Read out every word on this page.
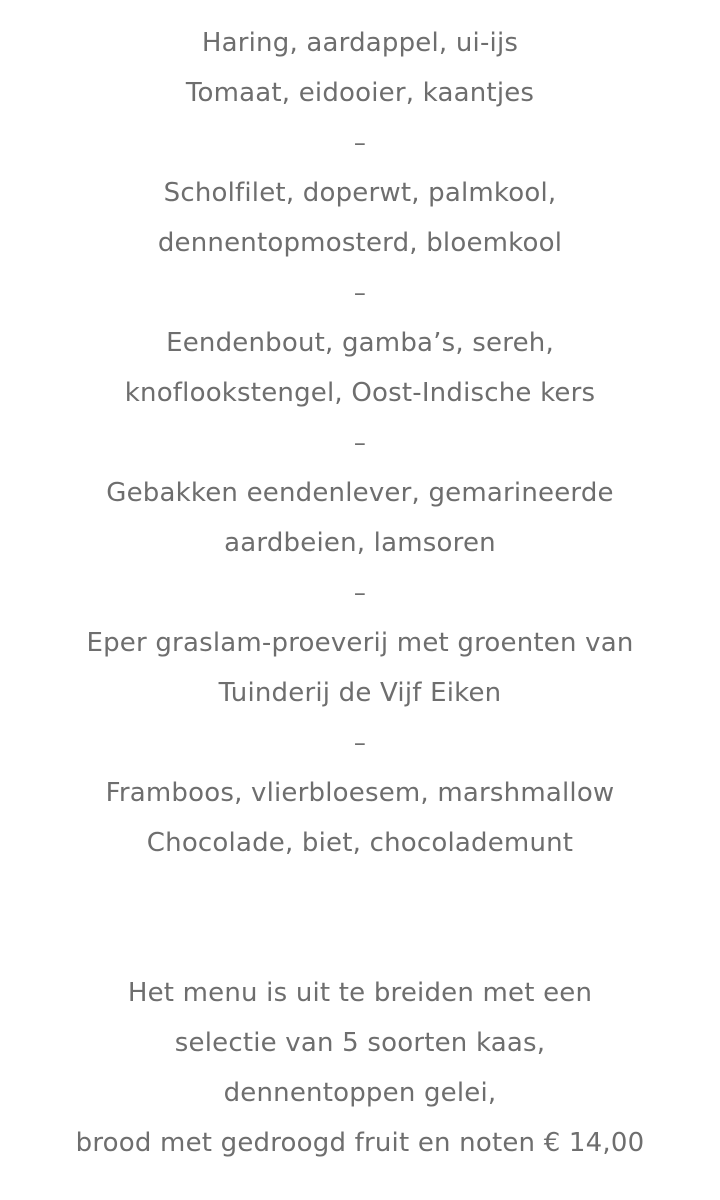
Haring, aardappel, ui-ijs
Tomaat, eidooier, kaantjes
–
Scholfilet, doperwt, palmkool,
dennentopmosterd, bloemkool
–
Eendenbout, gamba’s, sereh,
knoflookstengel, Oost-Indische kers
–
Gebakken eendenlever, gemarineerde
aardbeien, lamsoren
–
Eper graslam-proeverij met groenten van
Tuinderij de Vijf Eiken
–
Framboos, vlierbloesem, marshmallow
Chocolade, biet, chocolademunt
Het menu is uit te breiden met een
selectie van 5 soorten kaas,
dennentoppen gelei,
brood met gedroogd fruit en noten € 14,00
